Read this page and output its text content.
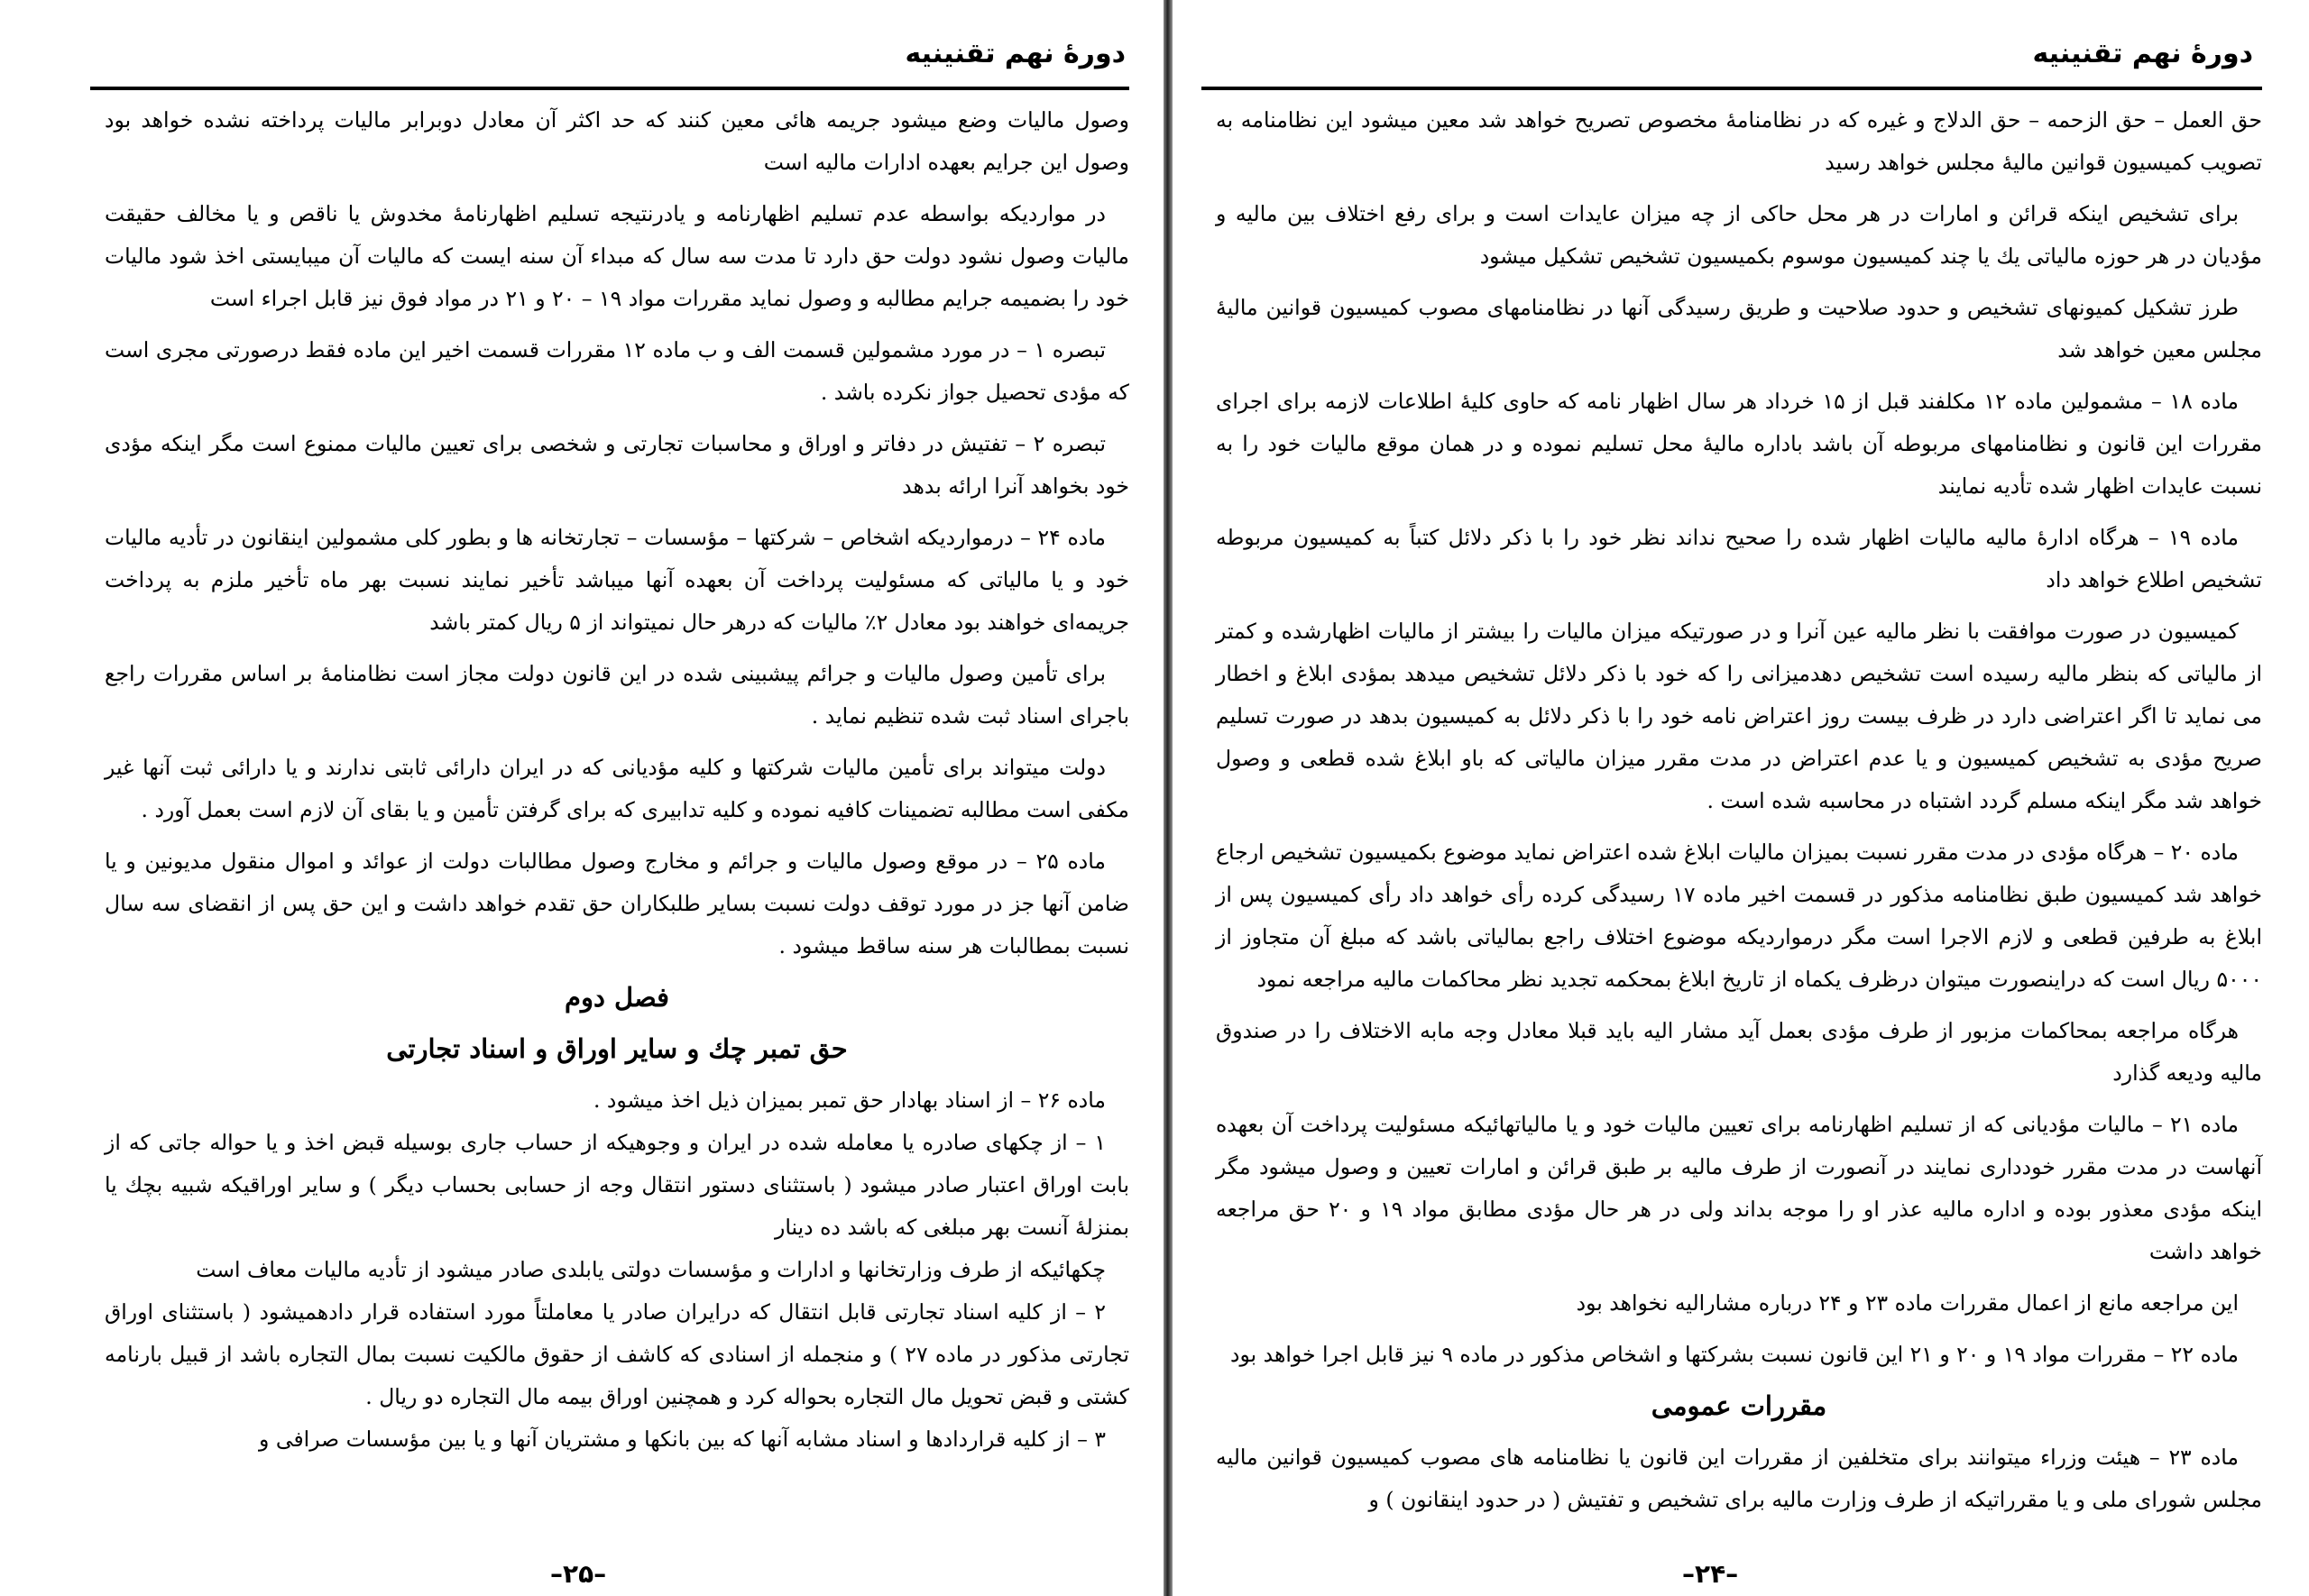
دورهٔ نهم تقنینیه

وصول مالیات وضع میشود جریمه هائی معین کنند که حد اکثر آن معادل دوبرابر مالیات پرداخته نشده خواهد بود وصول این جرایم بعهده ادارات مالیه است

در مواردیکه بواسطه عدم تسلیم اظهارنامه و یادرنتیجه تسلیم اظهارنامهٔ مخدوش یا ناقص و یا مخالف حقیقت مالیات وصول نشود دولت حق دارد تا مدت سه سال که مبداء آن سنه ایست که مالیات آن میبایستی اخذ شود مالیات خود را بضمیمه جرایم مطالبه و وصول نماید مقررات مواد ۱۹ – ۲۰ و ۲۱ در مواد فوق نیز قابل اجراء است

تبصره ۱ – در مورد مشمولین قسمت الف و ب ماده ۱۲ مقررات قسمت اخیر این ماده فقط درصورتی مجری است که مؤدی تحصیل جواز نکرده باشد .

تبصره ۲ – تفتیش در دفاتر و اوراق و محاسبات تجارتی و شخصی برای تعیین مالیات ممنوع است مگر اینکه مؤدی خود بخواهد آنرا ارائه بدهد

ماده ۲۴ – درمواردیکه اشخاص – شرکتها – مؤسسات – تجارتخانه ها و بطور کلی مشمولین اینقانون در تأدیه مالیات خود و یا مالیاتی که مسئولیت پرداخت آن بعهده آنها میباشد تأخیر نمایند نسبت بهر ماه تأخیر ملزم به پرداخت جریمه‌ای خواهند بود معادل ۲٪ مالیات که درهر حال نمیتواند از ۵ ریال کمتر باشد

برای تأمین وصول مالیات و جرائم پیشبینی شده در این قانون دولت مجاز است نظامنامهٔ بر اساس مقررات راجع باجرای اسناد ثبت شده تنظیم نماید .

دولت میتواند برای تأمین مالیات شرکتها و کلیه مؤدیانی که در ایران دارائی ثابتی ندارند و یا دارائی ثبت آنها غیر مکفی است مطالبه تضمینات کافیه نموده و کلیه تدابیری که برای گرفتن تأمین و یا بقای آن لازم است بعمل آورد .

ماده ۲۵ – در موقع وصول مالیات و جرائم و مخارج وصول مطالبات دولت از عوائد و اموال منقول مدیونین و یا ضامن آنها جز در مورد توقف دولت نسبت بسایر طلبکاران حق تقدم خواهد داشت و این حق پس از انقضای سه سال نسبت بمطالبات هر سنه ساقط میشود .

فصل دوم
حق تمبر چك و سایر اوراق و اسناد تجارتی

ماده ۲۶ – از اسناد بهادار حق تمبر بمیزان ذیل اخذ میشود .

۱ – از چکهای صادره یا معامله شده در ایران و وجوهیکه از حساب جاری بوسیله قبض اخذ و یا حواله جاتی که از بابت اوراق اعتبار صادر میشود ( باستثنای دستور انتقال وجه از حسابی بحساب دیگر ) و سایر اوراقیکه شبیه بچك یا بمنزلهٔ آنست بهر مبلغی که باشد ده دینار

چکهائیکه از طرف وزارتخانها و ادارات و مؤسسات دولتی یابلدی صادر میشود از تأدیه مالیات معاف است

۲ – از کلیه اسناد تجارتی قابل انتقال که درایران صادر یا معاملتاً مورد استفاده قرار دادهمیشود ( باستثنای اوراق تجارتی مذکور در ماده ۲۷ ) و منجمله از اسنادی که کاشف از حقوق مالکیت نسبت بمال التجاره باشد از قبیل بارنامه کشتی و قبض تحویل مال التجاره بحواله کرد و همچنین اوراق بیمه مال التجاره دو ریال .

۳ – از کلیه قراردادها و اسناد مشابه آنها که بین بانکها و مشتریان آنها و یا بین مؤسسات صرافی و

–۲۵–
دورهٔ نهم تقنینیه

حق العمل – حق الزحمه – حق الدلاج و غیره که در نظامنامهٔ مخصوص تصریح خواهد شد معین میشود این نظامنامه به تصویب کمیسیون قوانین مالیهٔ مجلس خواهد رسید

برای تشخیص اینکه قرائن و امارات در هر محل حاکی از چه میزان عایدات است و برای رفع اختلاف بین مالیه و مؤدیان در هر حوزه مالیاتی یك یا چند کمیسیون موسوم بکمیسیون تشخیص تشکیل میشود

طرز تشکیل کمیونهای تشخیص و حدود صلاحیت و طریق رسیدگی آنها در نظامنامهای مصوب کمیسیون قوانین مالیهٔ مجلس معین خواهد شد

ماده ۱۸ – مشمولین ماده ۱۲ مکلفند قبل از ۱۵ خرداد هر سال اظهار نامه که حاوی کلیهٔ اطلاعات لازمه برای اجرای مقررات این قانون و نظامنامهای مربوطه آن باشد باداره مالیهٔ محل تسلیم نموده و در همان موقع مالیات خود را به نسبت عایدات اظهار شده تأدیه نمایند

ماده ۱۹ – هرگاه ادارهٔ مالیه مالیات اظهار شده را صحیح نداند نظر خود را با ذکر دلائل کتباً به کمیسیون مربوطه تشخیص اطلاع خواهد داد

کمیسیون در صورت موافقت با نظر مالیه عین آنرا و در صورتیکه میزان مالیات را بیشتر از مالیات اظهارشده و کمتر از مالیاتی که بنظر مالیه رسیده است تشخیص دهدمیزانی را که خود با ذکر دلائل تشخیص میدهد بمؤدی ابلاغ و اخطار می نماید تا اگر اعتراضی دارد در ظرف بیست روز اعتراض نامه خود را با ذکر دلائل به کمیسیون بدهد در صورت تسلیم صریح مؤدی به تشخیص کمیسیون و یا عدم اعتراض در مدت مقرر میزان مالیاتی که باو ابلاغ شده قطعی و وصول خواهد شد مگر اینکه مسلم گردد اشتباه در محاسبه شده است .

ماده ۲۰ – هرگاه مؤدی در مدت مقرر نسبت بمیزان مالیات ابلاغ شده اعتراض نماید موضوع بکمیسیون تشخیص ارجاع خواهد شد کمیسیون طبق نظامنامه مذکور در قسمت اخیر ماده ۱۷ رسیدگی کرده رأی خواهد داد رأی کمیسیون پس از ابلاغ به طرفین قطعی و لازم الاجرا است مگر درمواردیکه موضوع اختلاف راجع بمالیاتی باشد که مبلغ آن متجاوز از ۵۰۰۰ ریال است که دراینصورت میتوان درظرف یکماه از تاریخ ابلاغ بمحکمه تجدید نظر محاکمات مالیه مراجعه نمود

هرگاه مراجعه بمحاکمات مزبور از طرف مؤدی بعمل آید مشار الیه باید قبلا معادل وجه مابه الاختلاف را در صندوق مالیه ودیعه گذارد

ماده ۲۱ – مالیات مؤدیانی که از تسلیم اظهارنامه برای تعیین مالیات خود و یا مالیاتهائیکه مسئولیت پرداخت آن بعهده آنهاست در مدت مقرر خودداری نمایند در آنصورت از طرف مالیه بر طبق قرائن و امارات تعیین و وصول میشود مگر اینکه مؤدی معذور بوده و اداره مالیه عذر او را موجه بداند ولی در هر حال مؤدی مطابق مواد ۱۹ و ۲۰ حق مراجعه خواهد داشت

این مراجعه مانع از اعمال مقررات ماده ۲۳ و ۲۴ درباره مشارالیه نخواهد بود

ماده ۲۲ – مقررات مواد ۱۹ و ۲۰ و ۲۱ این قانون نسبت بشرکتها و اشخاص مذکور در ماده ۹ نیز قابل اجرا خواهد بود

مقررات عمومی

ماده ۲۳ – هیئت وزراء میتوانند برای متخلفین از مقررات این قانون یا نظامنامه های مصوب کمیسیون قوانین مالیه مجلس شورای ملی و یا مقرراتیکه از طرف وزارت مالیه برای تشخیص و تفتیش ( در حدود اینقانون ) و

–۲۴–
